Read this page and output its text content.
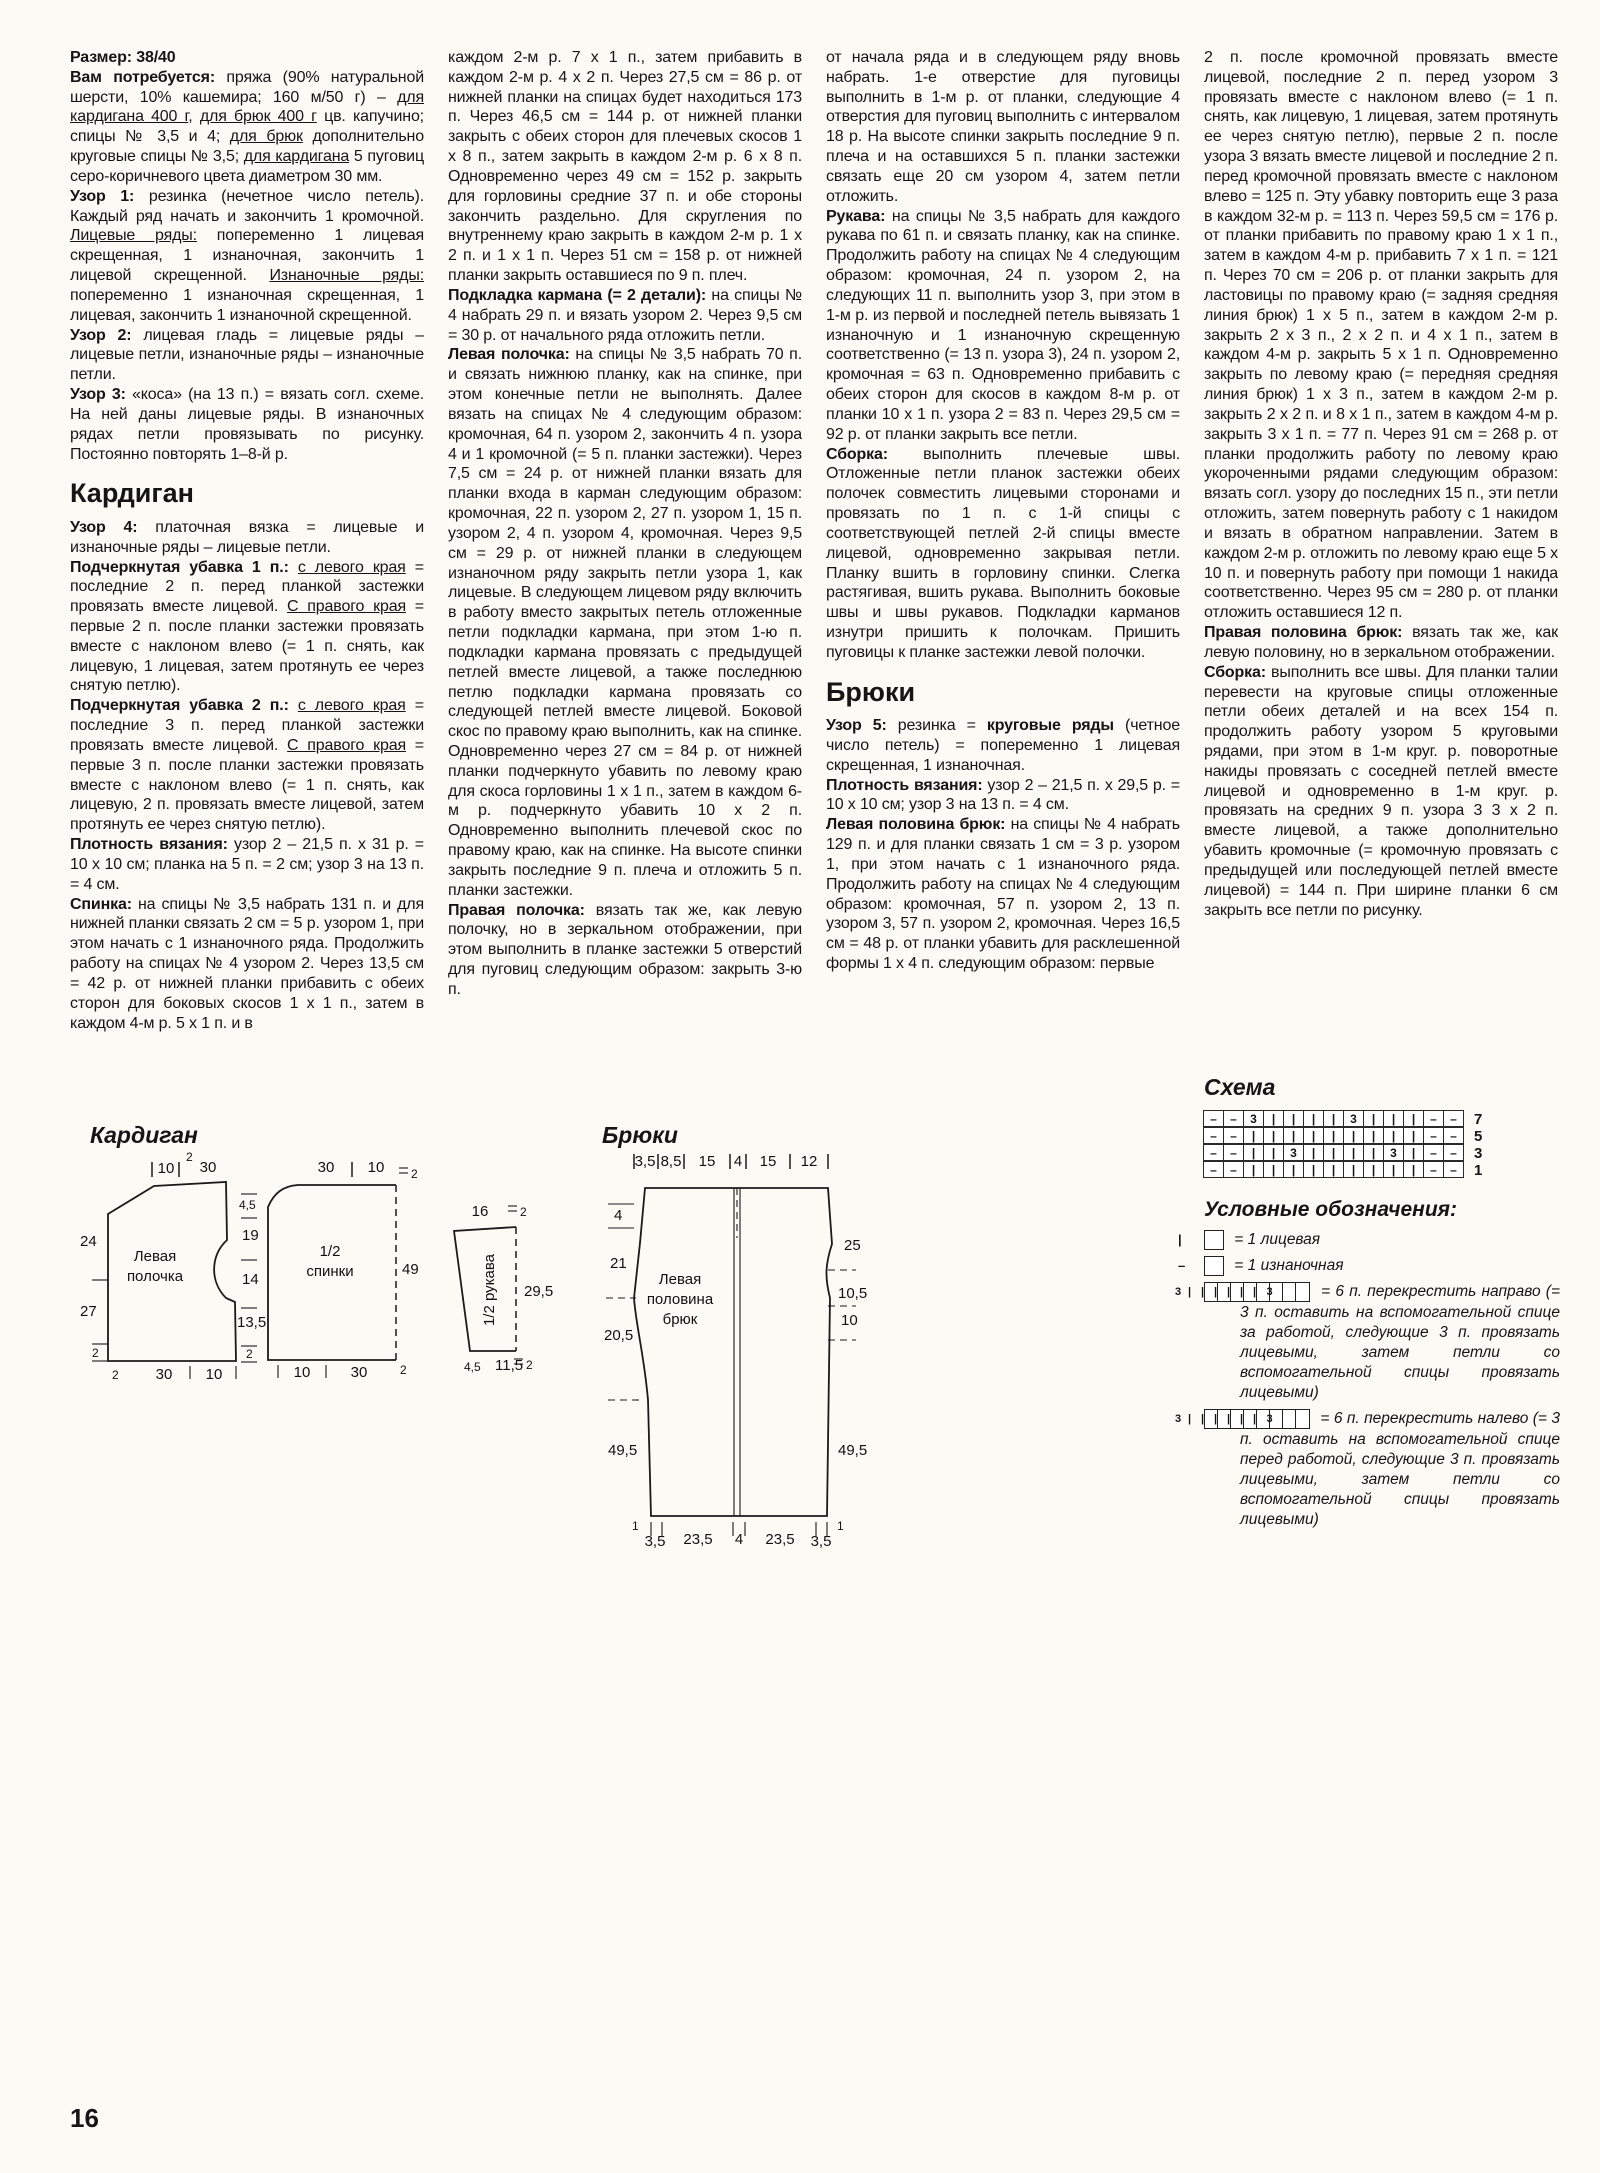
Размер: 38/40

Вам потребуется: пряжа (90% натуральной шерсти, 10% кашемира; 160 м/50 г) – для кардигана 400 г, для брюк 400 г цв. капучино; спицы № 3,5 и 4; для брюк дополнительно круговые спицы № 3,5; для кардигана 5 пуговиц серо-коричневого цвета диаметром 30 мм.

Узор 1: резинка (нечетное число петель). Каждый ряд начать и закончить 1 кромочной. Лицевые ряды: попеременно 1 лицевая скрещенная, 1 изнаночная, закончить 1 лицевой скрещенной. Изнаночные ряды: попеременно 1 изнаночная скрещенная, 1 лицевая, закончить 1 изнаночной скрещенной.

Узор 2: лицевая гладь = лицевые ряды – лицевые петли, изнаночные ряды – изнаночные петли.

Узор 3: «коса» (на 13 п.) = вязать согл. схеме. На ней даны лицевые ряды. В изнаночных рядах петли провязывать по рисунку. Постоянно повторять 1–8-й р.

Кардиган

Узор 4: платочная вязка = лицевые и изнаночные ряды – лицевые петли.

Подчеркнутая убавка 1 п.: с левого края = последние 2 п. перед планкой застежки провязать вместе лицевой. С правого края = первые 2 п. после планки застежки провязать вместе с наклоном влево (= 1 п. снять, как лицевую, 1 лицевая, затем протянуть ее через снятую петлю).

Подчеркнутая убавка 2 п.: с левого края = последние 3 п. перед планкой застежки провязать вместе лицевой. С правого края = первые 3 п. после планки застежки провязать вместе с наклоном влево (= 1 п. снять, как лицевую, 2 п. провязать вместе лицевой, затем протянуть ее через снятую петлю).

Плотность вязания: узор 2 – 21,5 п. x 31 р. = 10 x 10 см; планка на 5 п. = 2 см; узор 3 на 13 п. = 4 см.

Спинка: на спицы № 3,5 набрать 131 п. и для нижней планки связать 2 см = 5 р. узором 1, при этом начать с 1 изнаночного ряда. Продолжить работу на спицах № 4 узором 2. Через 13,5 см = 42 р. от нижней планки прибавить с обеих сторон для боковых скосов 1 x 1 п., затем в каждом 4-м р. 5 x 1 п. и в

каждом 2-м р. 7 x 1 п., затем прибавить в каждом 2-м р. 4 x 2 п. Через 27,5 см = 86 р. от нижней планки на спицах будет находиться 173 п. Через 46,5 см = 144 р. от нижней планки закрыть с обеих сторон для плечевых скосов 1 x 8 п., затем закрыть в каждом 2-м р. 6 x 8 п. Одновременно через 49 см = 152 р. закрыть для горловины средние 37 п. и обе стороны закончить раздельно. Для скругления по внутреннему краю закрыть в каждом 2-м р. 1 x 2 п. и 1 x 1 п. Через 51 см = 158 р. от нижней планки закрыть оставшиеся по 9 п. плеч.

Подкладка кармана (= 2 детали): на спицы № 4 набрать 29 п. и вязать узором 2. Через 9,5 см = 30 р. от начального ряда отложить петли.

Левая полочка: на спицы № 3,5 набрать 70 п. и связать нижнюю планку, как на спинке, при этом конечные петли не выполнять. Далее вязать на спицах № 4 следующим образом: кромочная, 64 п. узором 2, закончить 4 п. узора 4 и 1 кромочной (= 5 п. планки застежки). Через 7,5 см = 24 р. от нижней планки вязать для планки входа в карман следующим образом: кромочная, 22 п. узором 2, 27 п. узором 1, 15 п. узором 2, 4 п. узором 4, кромочная. Через 9,5 см = 29 р. от нижней планки в следующем изнаночном ряду закрыть петли узора 1, как лицевые. В следующем лицевом ряду включить в работу вместо закрытых петель отложенные петли подкладки кармана, при этом 1-ю п. подкладки кармана провязать с предыдущей петлей вместе лицевой, а также последнюю петлю подкладки кармана провязать со следующей петлей вместе лицевой. Боковой скос по правому краю выполнить, как на спинке. Одновременно через 27 см = 84 р. от нижней планки подчеркнуто убавить по левому краю для скоса горловины 1 x 1 п., затем в каждом 6-м р. подчеркнуто убавить 10 x 2 п. Одновременно выполнить плечевой скос по правому краю, как на спинке. На высоте спинки закрыть последние 9 п. плеча и отложить 5 п. планки застежки.

Правая полочка: вязать так же, как левую полочку, но в зеркальном отображении, при этом выполнить в планке застежки 5 отверстий для пуговиц следующим образом: закрыть 3-ю п.

от начала ряда и в следующем ряду вновь набрать. 1-е отверстие для пуговицы выполнить в 1-м р. от планки, следующие 4 отверстия для пуговиц выполнить с интервалом 18 р. На высоте спинки закрыть последние 9 п. плеча и на оставшихся 5 п. планки застежки связать еще 20 см узором 4, затем петли отложить.

Рукава: на спицы № 3,5 набрать для каждого рукава по 61 п. и связать планку, как на спинке. Продолжить работу на спицах № 4 следующим образом: кромочная, 24 п. узором 2, на следующих 11 п. выполнить узор 3, при этом в 1-м р. из первой и последней петель вывязать 1 изнаночную и 1 изнаночную скрещенную соответственно (= 13 п. узора 3), 24 п. узором 2, кромочная = 63 п. Одновременно прибавить с обеих сторон для скосов в каждом 8-м р. от планки 10 x 1 п. узора 2 = 83 п. Через 29,5 см = 92 р. от планки закрыть все петли.

Сборка: выполнить плечевые швы. Отложенные петли планок застежки обеих полочек совместить лицевыми сторонами и провязать по 1 п. с 1-й спицы с соответствующей петлей 2-й спицы вместе лицевой, одновременно закрывая петли. Планку вшить в горловину спинки. Слегка растягивая, вшить рукава. Выполнить боковые швы и швы рукавов. Подкладки карманов изнутри пришить к полочкам. Пришить пуговицы к планке застежки левой полочки.

Брюки

Узор 5: резинка = круговые ряды (четное число петель) = попеременно 1 лицевая скрещенная, 1 изнаночная.

Плотность вязания: узор 2 – 21,5 п. x 29,5 р. = 10 x 10 см; узор 3 на 13 п. = 4 см.

Левая половина брюк: на спицы № 4 набрать 129 п. и для планки связать 1 см = 3 р. узором 1, при этом начать с 1 изнаночного ряда. Продолжить работу на спицах № 4 следующим образом: кромочная, 57 п. узором 2, 13 п. узором 3, 57 п. узором 2, кромочная. Через 16,5 см = 48 р. от планки убавить для расклешенной формы 1 x 4 п. следующим образом: первые

2 п. после кромочной провязать вместе лицевой, последние 2 п. перед узором 3 провязать вместе с наклоном влево (= 1 п. снять, как лицевую, 1 лицевая, затем протянуть ее через снятую петлю), первые 2 п. после узора 3 вязать вместе лицевой и последние 2 п. перед кромочной провязать вместе с наклоном влево = 125 п. Эту убавку повторить еще 3 раза в каждом 32-м р. = 113 п. Через 59,5 см = 176 р. от планки прибавить по правому краю 1 x 1 п., затем в каждом 4-м р. прибавить 7 x 1 п. = 121 п. Через 70 см = 206 р. от планки закрыть для ластовицы по правому краю (= задняя средняя линия брюк) 1 x 5 п., затем в каждом 2-м р. закрыть 2 x 3 п., 2 x 2 п. и 4 x 1 п., затем в каждом 4-м р. закрыть 5 x 1 п. Одновременно закрыть по левому краю (= передняя средняя линия брюк) 1 x 3 п., затем в каждом 2-м р. закрыть 2 x 2 п. и 8 x 1 п., затем в каждом 4-м р. закрыть 3 x 1 п. = 77 п. Через 91 см = 268 р. от планки продолжить работу по левому краю укороченными рядами следующим образом: вязать согл. узору до последних 15 п., эти петли отложить, затем повернуть работу с 1 накидом и вязать в обратном направлении. Затем в каждом 2-м р. отложить по левому краю еще 5 x 10 п. и повернуть работу при помощи 1 накида соответственно. Через 95 см = 280 р. от планки отложить оставшиеся 12 п.

Правая половина брюк: вязать так же, как левую половину, но в зеркальном отображении.

Сборка: выполнить все швы. Для планки талии перевести на круговые спицы отложенные петли обеих деталей и на всех 154 п. продолжить работу узором 5 круговыми рядами, при этом в 1-м круг. р. поворотные накиды провязать с соседней петлей вместе лицевой и одновременно в 1-м круг. р. провязать на средних 9 п. узора 3 3 x 2 п. вместе лицевой, а также дополнительно убавить кромочные (= кромочную провязать с предыдущей или последующей петлей вместе лицевой) = 144 п. При ширине планки 6 см закрыть все петли по рисунку.

Схема
–	–	3	|	|	|	|	3	|	|	|	–	–	7
–	–	|	|	|	|	|	|	|	|	|	–	–	5
–	–	|	|	3	|	|	|	|	3	|	–	–	3
–	–	|	|	|	|	|	|	|	|	|	–	–	1
Условные обозначения:
|	= 1 лицевая
–	= 1 изнаночная
3 | | | | | | 3	= 6 п. перекрестить направо (= 3 п. оставить на вспомогательной спице за работой, следующие 3 п. провязать лицевыми, затем петли со вспомогательной спицы провязать лицевыми)
3 | | | | | | 3	= 6 п. перекрестить налево (= 3 п. оставить на вспомогательной спице перед работой, следующие 3 п. провязать лицевыми, затем петли со вспомогательной спицы провязать лицевыми)
Кардиган
10
2
30
24
27
2
2 30 10
Левая
полочка
4,5
19
14
13,5
2
30 10 2
49
10	30	2
1/2
спинки
16	2
29,5
4,5 11,5 2
1/2 рукава
Брюки
3,5 8,5 15 4 15 12
4
21
20,5
49,5
25
10,5
10
49,5
1	1
3,5 23,5 4 23,5 3,5
Левая
половина
брюк
16
